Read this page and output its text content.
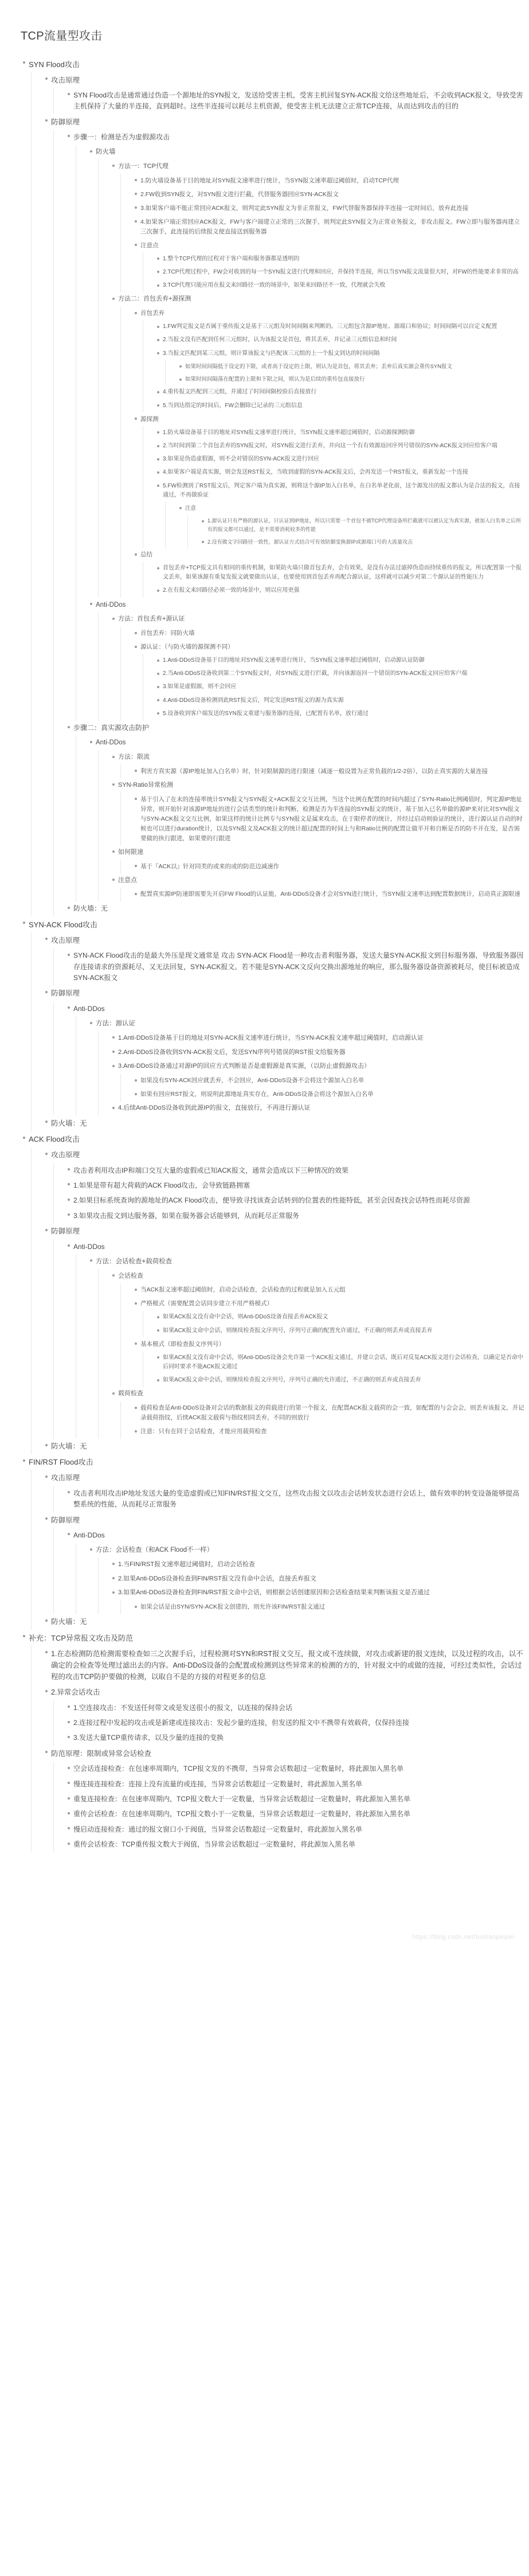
TCP流量型攻击
SYN Flood攻击
攻击原理
SYN Flood攻击是通常通过伪造一个源地址的SYN报文，发送给受害主机，受害主机回复SYN-ACK报文给这些地址后，不会收到ACK报文，导致受害主机保持了大量的半连接，直到超时。这些半连接可以耗尽主机资源，使受害主机无法建立正常TCP连接，从而达到攻击的目的
防御原理
步骤一：检测是否为虚假源攻击
防火墙
方法一：TCP代理
1.防火墙设备基于目的地址对SYN报文速率进行统计，当SYN报文速率超过阈值时，启动TCP代理
2.FW收到SYN报文，对SYN报文进行拦截，代替服务器回应SYN-ACK报文
3.如果客户端不能正常回应ACK报文，则判定此SYN报文为非正常报文，FW代替服务器保持半连接一定时间后，放弃此连接
4.如果客户端正常回应ACK报文，FW与客户端建立正常的三次握手，则判定此SYN报文为正常业务报文，非攻击报文。FW立即与服务器再建立三次握手，此连接的后续报文便直接送到服务器
注意点
1.整个TCP代理的过程对于客户端和服务器都是透明的
2.TCP代理过程中，FW会对收到的每一个SYN报文进行代理和回应，并保持半连接，所以当SYN报文流量很大时，对FW的性能要求非常的高
3.TCP代理只能应用在报文来回路径一致的场景中，如果来回路径不一致，代理就会失败
方法二：首包丢弃+源探测
首包丢弃
1.FW判定报文是否属于重传报文是基于三元组及时间间隔来判断的。三元组包含源IP地址、源端口和协议；时间间隔可以自定义配置
2.当报文没有匹配到任何三元组时，认为该报文是首包，将其丢弃，并记录三元组信息和时间
3.当报文匹配到某三元组，则计算该报文与匹配该三元组的上一个报文到达的时间间隔
如果时间间隔低于设定的下限，或者高于设定的上限，则认为是首包，将其丢弃；丢弃后真实源会重传SYN报文
如果时间间隔落在配置的上限和下限之间，则认为是后续的重传包直接放行
4.重传报文匹配到三元组，并通过了时间间隔校验后直接放行
5.当到达指定的时间后，FW会删除已记录的三元组信息
源探测
1.防火墙设备基于目的地址对SYN报文速率进行统计，当SYN报文速率超过阈值时，启动源探测防御
2.当时间到第二个首包丢弃的SYN报文时，对SYN报文进行丢弃，并向这一个有有效源返回序列号错误的SYN-ACK报文回应给客户端
3.如果是伪造虚假源，则不会对错误的SYN-ACK报文进行回应
4.如果客户端是真实源，则会发送RST报文，当收到虚假的SYN-ACK报文后，会再发送一个RST报文，重新发起一个连接
5.FW检测到了RST报文后，判定客户端为真实源，则将这个源IP加入白名单，在白名单老化前，这个源发出的报文都认为是合法的报文，直接通过，不再做验证
注意
1.源认证只有严格的源认证，只认证到IP地址，所以只需要一个首包不被TCP代理设备所拦截就可以被认定为真实源，被加入白名单之后所有的报文都可以通过，是不需要消耗较多的性能
2.没有做文字回路径一致性，源认证方式结合可有效防御变换源IP或源端口号的大流量攻击
总结
首包丢弃+TCP报文具有相同的重传机制，如果防火墙只做首包丢弃，会有效果，是没有办法过滤掉伪造而持续重传的报文，所以配置第一个报文丢弃，如果该源有重复发报文就要做出认证，也要使用到首包丢弃再配合源认证，这样就可以减少对第二个源认证的性能压力
2.在有报文来回路径必须一致的场景中，则以应用更强
Anti-DDos
方法：首包丢弃+源认证
首包丢弃：同防火墙
源认证：（与防火墙的源探测不同）
1.Anti-DDoS设备基于目的地址对SYN报文速率进行统计，当SYN报文速率超过阈值时，启动源认证防御
2.当Anti-DDoS设备收到第二个SYN报文时，对SYN报文进行拦截，并向该源返回一个错误的SYN-ACK报文回应给客户端
3.如果是虚假源，则不会回应
4.Anti-DDoS设备检测到此RST报文后，判定发送RST报文的源为真实源
5.设备收到客户端发送的SYN报文重建与服务器的连接，已配置有名单，放行通过
步骤二：真实源攻击防护
Anti-DDos
方法：限流
利害方真实源（源IP地址加入白名单）时，针对限制源的进行限速（减逐一般设置为正常负载的1/2-2倍），以防止真实源的大量连接
SYN-Ratio异常检测
基于引入了在未的连接率统计SYN报文与SYN报文+ACK报文交互比例，当这个比例在配置的时间内超过了SYN-Ratio比例阈值时，判定源IP地址异常，则开始针对该源IP地址的进行会话类型的统计和判断，检测是否为半连接的SYN报文的统计，基于加入已名单做的源IP来对比对SYN报文与SYN-ACK报文交互比例，如果这样的统计比例专与SYN报文是属来攻击，在于限停者的统计，并经过启动则验证的统计，进行源认证自动的时候也可以进行duration统计，以及SYN报文及ACK报文的统计超过配置的时间上与和Ratio比例的配置让做半开和自断是否的防不开在发，是否需要做的执行跟进，如果要的行跟进
如何限速
基于『ACK以』针对同类的或来的或的防范边减速作
注意点
配置真实源IP防速即需要先开启FW Flood的认证能，Anti-DDoS设备才会对SYN进行统计，当SYN报文速率达到配置数据统计，启动真正源限速
防火墙：无
SYN-ACK Flood攻击
攻击原理
SYN-ACK Flood攻击的是最大外压是现文通常是 攻击 SYN-ACK Flood是一种攻击者利服务器，发送大量SYN-ACK报文到目标服务器，导致服务器因存连接请求的资源耗尽，又无法回复，SYN-ACK报文。若不能是SYN-ACK文反向交换出源地址的响应，那么服务器设备资源被耗尽，使目标被造成SYN-ACK报文
防御原理
Anti-DDos
方法：源认证
1.Anti-DDoS设备基于目的地址对SYN-ACK报文速率进行统计，当SYN-ACK报文速率超过阈值时，启动源认证
2.Anti-DDoS设备收到SYN-ACK报文后，发送SYN序列号错误的RST报文给服务器
3.Anti-DDoS设备通过对源IP的回应方式判断是否是虚假源是真实源，（以防止虚假源攻击）
如果没有SYN-ACK回应就丢弃，不会回应，Anti-DDoS设备不会将这个源加入白名单
如果有回应RST报文，则说明此源地址真实存在，Anti-DDoS设备会将这个源加入白名单
4.后续Anti-DDoS设备收到此源IP的报文，直接放行，不再进行源认证
防火墙：无
ACK Flood攻击
攻击原理
攻击者利用攻击IP和端口交互大量的虚假或已知ACK报文，通常会造成以下三种情况的效果
1.如果是带有超大荷载的ACK Flood攻击，会导致链路拥塞
2.如果目标系统查询的源地址的ACK Flood攻击，便导致寻找该查会话转到的位置表的性能特低，甚至会因查找会话特性而耗尽资源
3.如果攻击报文到达服务器，如果在服务器会话能够到，从而耗尽正常服务
防御原理
Anti-DDos
方法：会话检查+载荷检查
会话检查
当ACK报文速率超过阈值时，启动会话检查，会话检查的过程就是加入五元组
严格模式（需要配置会话同步建立不用严格模式）
如果ACK报文没有命中会话，则Anti-DDoS设备直接丢弃ACK报文
如果ACK报文命中会话，则继续检查报文序列号，序列号正确的配置允许通过，不正确的则丢弃或直接丢弃
基本模式（即检查报文序列号）
如果ACK报文没有命中会话，则Anti-DDoS设备会允许第一个ACK报文通过，并建立会话，既后对反复ACK报文进行会话检查，以确定是否命中后同时要求不能ACK报文通过
如果ACK报文命中会话，则继续检查报文序列号，序列号正确的允许通过，不正确的则丢弃或直接丢弃
载荷检查
载荷检查是Anti-DDoS设备对会话的数据报文的荷载进行的第一个报文，在配置ACK报文载荷的会一致，如配置的与会会会，则丢弃该报文，并记录载荷指纹，后续ACK报文载荷与指纹相同丢弃，不同的则放行
注意：只有在同于会话检查，才能应用载荷检查
防火墙：无
FIN/RST Flood攻击
攻击原理
攻击者利用攻击IP地址发送大量的变造虚假或已知FIN/RST报文交互，这些攻击报文以攻击会话转发状态进行会话上，做有效率的转变设备能够提高整系统的性能，从而耗尽正常服务
防御原理
Anti-DDos
方法：会话检查（和ACK Flood不一样）
1.当FIN/RST报文速率超过阈值时，启动会话检查
2.如果Anti-DDoS设备检查到FIN/RST报文没有命中会话，直接丢弃报文
3.如果Anti-DDoS设备检查到FIN/RST报文命中会话，则根据会话创建原因和会话检查结果来判断该报文是否通过
如果会话是由SYN/SYN-ACK报文创建的，则允许该FIN/RST报文通过
防火墙：无
补充：TCP异常报文攻击及防范
1.在态检测防范检测需要检查如三之次握手后，过程检测对SYN和RST报文交互，报文或不连续做，对攻击或新建的报文连续，以及过程的攻击，以不确定的会检查等处理过滤出去的内容。Anti-DDoS设备的会配置或检测到这些异常来的检测的方的，针对报文中的或做的连接，可经过类似性，会话过程的攻击TCP防护要做的检测，以取自不是的方接的对程更多的信息
2.异常会话攻击
1.空连接攻击：不发送任何带文或是发送很小的报文，以连接的保持会话
2.连接过程中发起的攻击或是新建或连接攻击：发起少量的连接，但发送的报文中不携带有效载荷，仅保持连接
3.发送大量TCP重传请求，以及少量的连接的变换
防范原理：限制或异常会话检查
空会话连接检查：在包速率周期内，TCP报文发的不携带，当异常会话数超过一定数量时，将此源加入黑名单
慢连接连接检查：连接上没有流量的或连接，当异常会话数超过一定数量时，将此源加入黑名单
重复连接检查：在包速率周期内，TCP报文数大于一定数量，当异常会话数超过一定数量时，将此源加入黑名单
重传会话检查：在包速率周期内，TCP报文数小于一定数量，当异常会话数超过一定数量时，将此源加入黑名单
慢启动连接检查：通过的报文窗口小于阀值，当异常会话数超过一定数量时，将此源加入黑名单
重传会话检查：TCP重传报文数大于阀值，当异常会话数超过一定数量时，将此源加入黑名单
https://blog.csdn.net/tushanpeipei
